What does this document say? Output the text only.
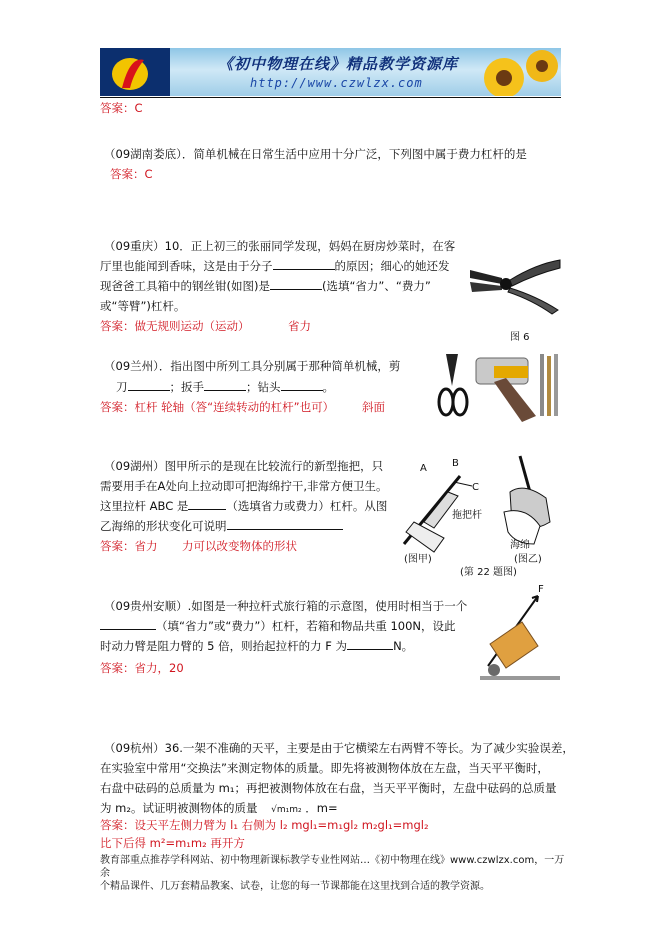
《初中物理在线》精品教学资源库
http://www.czwlzx.com
答案：C
（09湖南娄底）．简单机械在日常生活中应用十分广泛，下列图中属于费力杠杆的是
答案：C
（09重庆）10．正上初三的张丽同学发现，妈妈在厨房炒菜时，在客
厅里也能闻到香味，这是由于分子	的原因；细心的她还发
现爸爸工具箱中的钢丝钳(如图)是	(选填“省力”、“费力”
或“等臂”)杠杆。
答案：做无规则运动（运动）	省力
图 6
（09兰州）．指出图中所列工具分别属于那种简单机械，剪
刀	；扳手	；钻头	。
答案：杠杆 轮轴（答“连续转动的杠杆”也可） 斜面
（09湖州）图甲所示的是现在比较流行的新型拖把，只
需要用手在A处向上拉动即可把海绵拧干,非常方便卫生。
这里拉杆 ABC 是	（选填省力或费力）杠杆。从图
乙海绵的形状变化可说明
答案：省力 力可以改变物体的形状
A	B
C
拖把杆
海绵
(图甲)	(图乙)
(第 22 题图)
（09贵州安顺）.如图是一种拉杆式旅行箱的示意图，使用时相当于一个
（填“省力”或“费力”）杠杆，若箱和物品共重 100N，设此
时动力臂是阻力臂的 5 倍，则抬起拉杆的力 F 为	N。
答案：省力，20
F
（09杭州）36.一架不准确的天平，主要是由于它横梁左右两臂不等长。为了减少实验误差，
在实验室中常用“交换法”来测定物体的质量。即先将被测物体放在左盘，当天平平衡时，
右盘中砝码的总质量为 m₁；再把被测物体放在右盘，当天平平衡时，左盘中砝码的总质量
为 m₂。试证明被测物体的质量 √m₁m₂ ．m=
答案：设天平左侧力臂为 l₁ 右侧为 l₂ mgl₁=m₁gl₂ m₂gl₁=mgl₂
比下后得 m²=m₁m₂ 再开方
教育部重点推荐学科网站、初中物理新课标教学专业性网站…《初中物理在线》www.czwlzx.com，一万余
个精品课件、几万套精品教案、试卷，让您的每一节课都能在这里找到合适的教学资源。
